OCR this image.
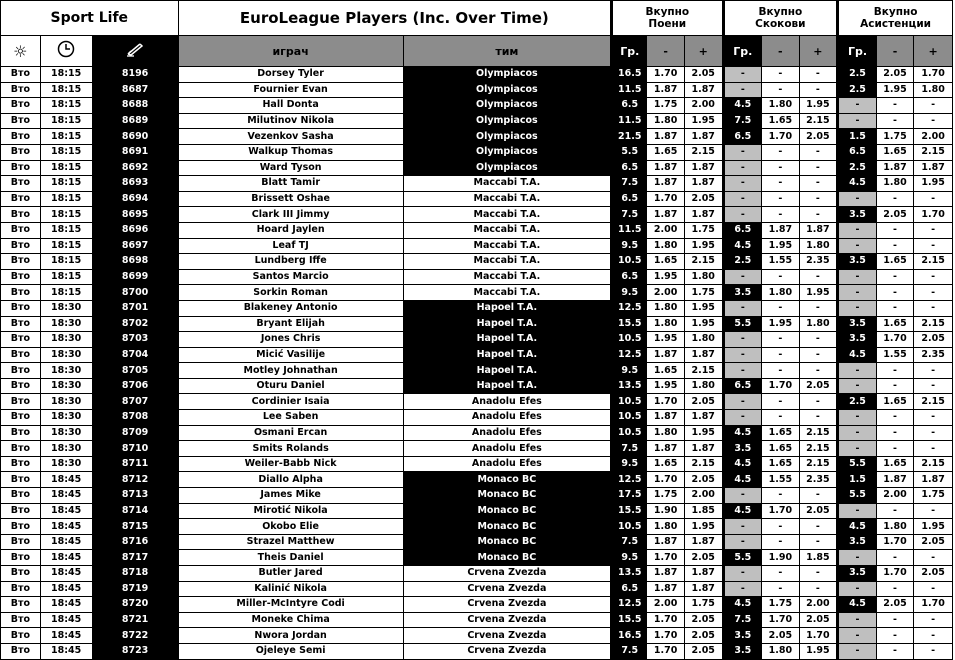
Sport Life			EuroLeague Players (Inc. Over Time)		Вкупно
Поени			Вкупно
Скокови			Вкупно
Асистенции		
☼			играч	тим	Гр.	-	+	Гр.	-	+	Гр.	-	+
Вто	18:15	8196	Dorsey Tyler	Olympiacos	16.5	1.70	2.05	-	-	-	2.5	2.05	1.70
Вто	18:15	8687	Fournier Evan	Olympiacos	11.5	1.87	1.87	-	-	-	2.5	1.95	1.80
Вто	18:15	8688	Hall Donta	Olympiacos	6.5	1.75	2.00	4.5	1.80	1.95	-	-	-
Вто	18:15	8689	Milutinov Nikola	Olympiacos	11.5	1.80	1.95	7.5	1.65	2.15	-	-	-
Вто	18:15	8690	Vezenkov Sasha	Olympiacos	21.5	1.87	1.87	6.5	1.70	2.05	1.5	1.75	2.00
Вто	18:15	8691	Walkup Thomas	Olympiacos	5.5	1.65	2.15	-	-	-	6.5	1.65	2.15
Вто	18:15	8692	Ward Tyson	Olympiacos	6.5	1.87	1.87	-	-	-	2.5	1.87	1.87
Вто	18:15	8693	Blatt Tamir	Maccabi T.A.	7.5	1.87	1.87	-	-	-	4.5	1.80	1.95
Вто	18:15	8694	Brissett Oshae	Maccabi T.A.	6.5	1.70	2.05	-	-	-	-	-	-
Вто	18:15	8695	Clark III Jimmy	Maccabi T.A.	7.5	1.87	1.87	-	-	-	3.5	2.05	1.70
Вто	18:15	8696	Hoard Jaylen	Maccabi T.A.	11.5	2.00	1.75	6.5	1.87	1.87	-	-	-
Вто	18:15	8697	Leaf TJ	Maccabi T.A.	9.5	1.80	1.95	4.5	1.95	1.80	-	-	-
Вто	18:15	8698	Lundberg Iffe	Maccabi T.A.	10.5	1.65	2.15	2.5	1.55	2.35	3.5	1.65	2.15
Вто	18:15	8699	Santos Marcio	Maccabi T.A.	6.5	1.95	1.80	-	-	-	-	-	-
Вто	18:15	8700	Sorkin Roman	Maccabi T.A.	9.5	2.00	1.75	3.5	1.80	1.95	-	-	-
Вто	18:30	8701	Blakeney Antonio	Hapoel T.A.	12.5	1.80	1.95	-	-	-	-	-	-
Вто	18:30	8702	Bryant Elijah	Hapoel T.A.	15.5	1.80	1.95	5.5	1.95	1.80	3.5	1.65	2.15
Вто	18:30	8703	Jones Chris	Hapoel T.A.	10.5	1.95	1.80	-	-	-	3.5	1.70	2.05
Вто	18:30	8704	Micić Vasilije	Hapoel T.A.	12.5	1.87	1.87	-	-	-	4.5	1.55	2.35
Вто	18:30	8705	Motley Johnathan	Hapoel T.A.	9.5	1.65	2.15	-	-	-	-	-	-
Вто	18:30	8706	Oturu Daniel	Hapoel T.A.	13.5	1.95	1.80	6.5	1.70	2.05	-	-	-
Вто	18:30	8707	Cordinier Isaia	Anadolu Efes	10.5	1.70	2.05	-	-	-	2.5	1.65	2.15
Вто	18:30	8708	Lee Saben	Anadolu Efes	10.5	1.87	1.87	-	-	-	-	-	-
Вто	18:30	8709	Osmani Ercan	Anadolu Efes	10.5	1.80	1.95	4.5	1.65	2.15	-	-	-
Вто	18:30	8710	Smits Rolands	Anadolu Efes	7.5	1.87	1.87	3.5	1.65	2.15	-	-	-
Вто	18:30	8711	Weiler-Babb Nick	Anadolu Efes	9.5	1.65	2.15	4.5	1.65	2.15	5.5	1.65	2.15
Вто	18:45	8712	Diallo Alpha	Monaco BC	12.5	1.70	2.05	4.5	1.55	2.35	1.5	1.87	1.87
Вто	18:45	8713	James Mike	Monaco BC	17.5	1.75	2.00	-	-	-	5.5	2.00	1.75
Вто	18:45	8714	Mirotić Nikola	Monaco BC	15.5	1.90	1.85	4.5	1.70	2.05	-	-	-
Вто	18:45	8715	Okobo Elie	Monaco BC	10.5	1.80	1.95	-	-	-	4.5	1.80	1.95
Вто	18:45	8716	Strazel Matthew	Monaco BC	7.5	1.87	1.87	-	-	-	3.5	1.70	2.05
Вто	18:45	8717	Theis Daniel	Monaco BC	9.5	1.70	2.05	5.5	1.90	1.85	-	-	-
Вто	18:45	8718	Butler Jared	Crvena Zvezda	13.5	1.87	1.87	-	-	-	3.5	1.70	2.05
Вто	18:45	8719	Kalinić Nikola	Crvena Zvezda	6.5	1.87	1.87	-	-	-	-	-	-
Вто	18:45	8720	Miller-McIntyre Codi	Crvena Zvezda	12.5	2.00	1.75	4.5	1.75	2.00	4.5	2.05	1.70
Вто	18:45	8721	Moneke Chima	Crvena Zvezda	15.5	1.70	2.05	7.5	1.70	2.05	-	-	-
Вто	18:45	8722	Nwora Jordan	Crvena Zvezda	16.5	1.70	2.05	3.5	2.05	1.70	-	-	-
Вто	18:45	8723	Ojeleye Semi	Crvena Zvezda	7.5	1.70	2.05	3.5	1.80	1.95	-	-	-
